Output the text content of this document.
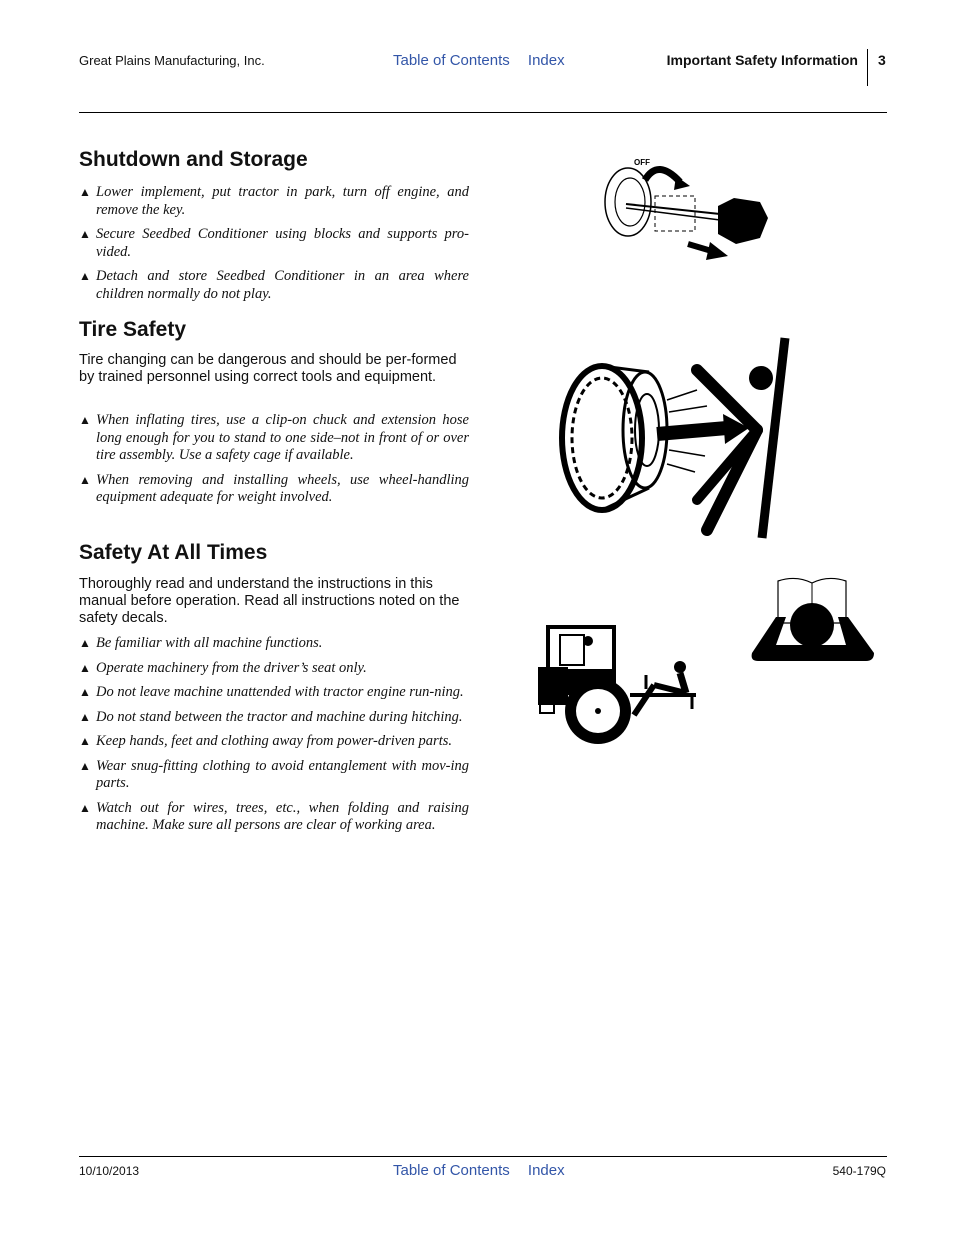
Great Plains Manufacturing, Inc.	Table of Contents Index	Important Safety Information 3
Shutdown and Storage
▲ Lower implement, put tractor in park, turn off engine, and remove the key.
▲ Secure Seedbed Conditioner using blocks and supports pro-vided.
▲ Detach and store Seedbed Conditioner in an area where children normally do not play.
Tire Safety

Tire changing can be dangerous and should be per-formed by trained personnel using correct tools and equipment.

▲ When inflating tires, use a clip-on chuck and extension hose long enough for you to stand to one side–not in front of or over tire assembly. Use a safety cage if available.
▲ When removing and installing wheels, use wheel-handling equipment adequate for weight involved.
Safety At All Times

Thoroughly read and understand the instructions in this manual before operation. Read all instructions noted on the safety decals.

▲ Be familiar with all machine functions.
▲ Operate machinery from the driver’s seat only.
▲ Do not leave machine unattended with tractor engine run-ning.
▲ Do not stand between the tractor and machine during hitching.
▲ Keep hands, feet and clothing away from power-driven parts.
▲ Wear snug-fitting clothing to avoid entanglement with mov-ing parts.
▲ Watch out for wires, trees, etc., when folding and raising machine. Make sure all persons are clear of working area.
OFF
10/10/2013	Table of Contents Index	540-179Q
